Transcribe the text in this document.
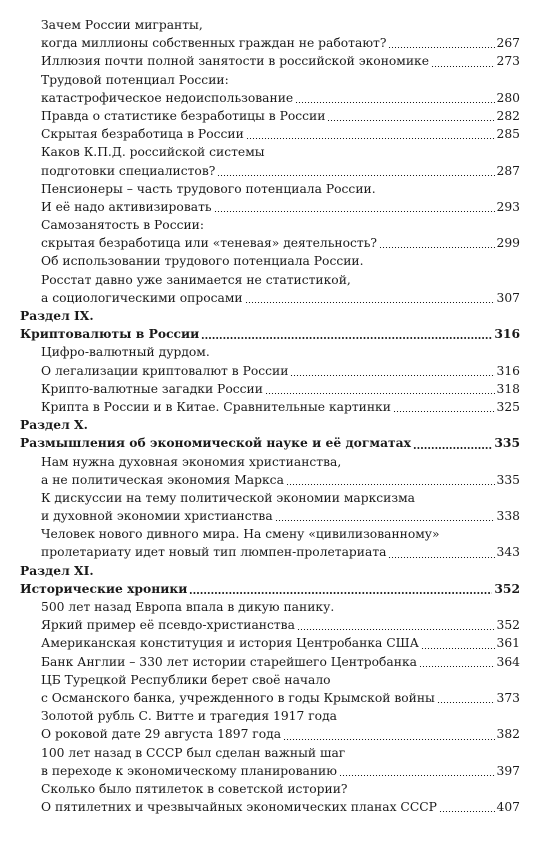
Зачем России мигранты,
когда миллионы собственных граждан не работают?	267
Иллюзия почти полной занятости в российской экономике	273
Трудовой потенциал России:
катастрофическое недоиспользование	280
Правда о статистике безработицы в России	282
Скрытая безработица в России	285
Каков К.П.Д. российской системы
подготовки специалистов?	287
Пенсионеры – часть трудового потенциала России.
И её надо активизировать	293
Самозанятость в России:
скрытая безработица или «теневая» деятельность?	299
Об использовании трудового потенциала России.
Росстат давно уже занимается не статистикой,
а социологическими опросами	307
Раздел IX.
Криптовалюты в России	316
Цифро-валютный дурдом.
О легализации криптовалют в России	316
Крипто-валютные загадки России	318
Крипта в России и в Китае. Сравнительные картинки	325
Раздел X.
Размышления об экономической науке и её догматах	335
Нам нужна духовная экономия христианства,
а не политическая экономия Маркса	335
К дискуссии на тему политической экономии марксизма
и духовной экономии христианства	338
Человек нового дивного мира. На смену «цивилизованному»
пролетариату идет новый тип люмпен-пролетариата	343
Раздел XI.
Исторические хроники	352
500 лет назад Европа впала в дикую панику.
Яркий пример её псевдо-христианства	352
Американская конституция и история Центробанка США	361
Банк Англии – 330 лет истории старейшего Центробанка	364
ЦБ Турецкой Республики берет своё начало
с Османского банка, учрежденного в годы Крымской войны	373
Золотой рубль С. Витте и трагедия 1917 года
О роковой дате 29 августа 1897 года	382
100 лет назад в СССР был сделан важный шаг
в переходе к экономическому планированию	397
Сколько было пятилеток в советской истории?
О пятилетних и чрезвычайных экономических планах СССР	407
